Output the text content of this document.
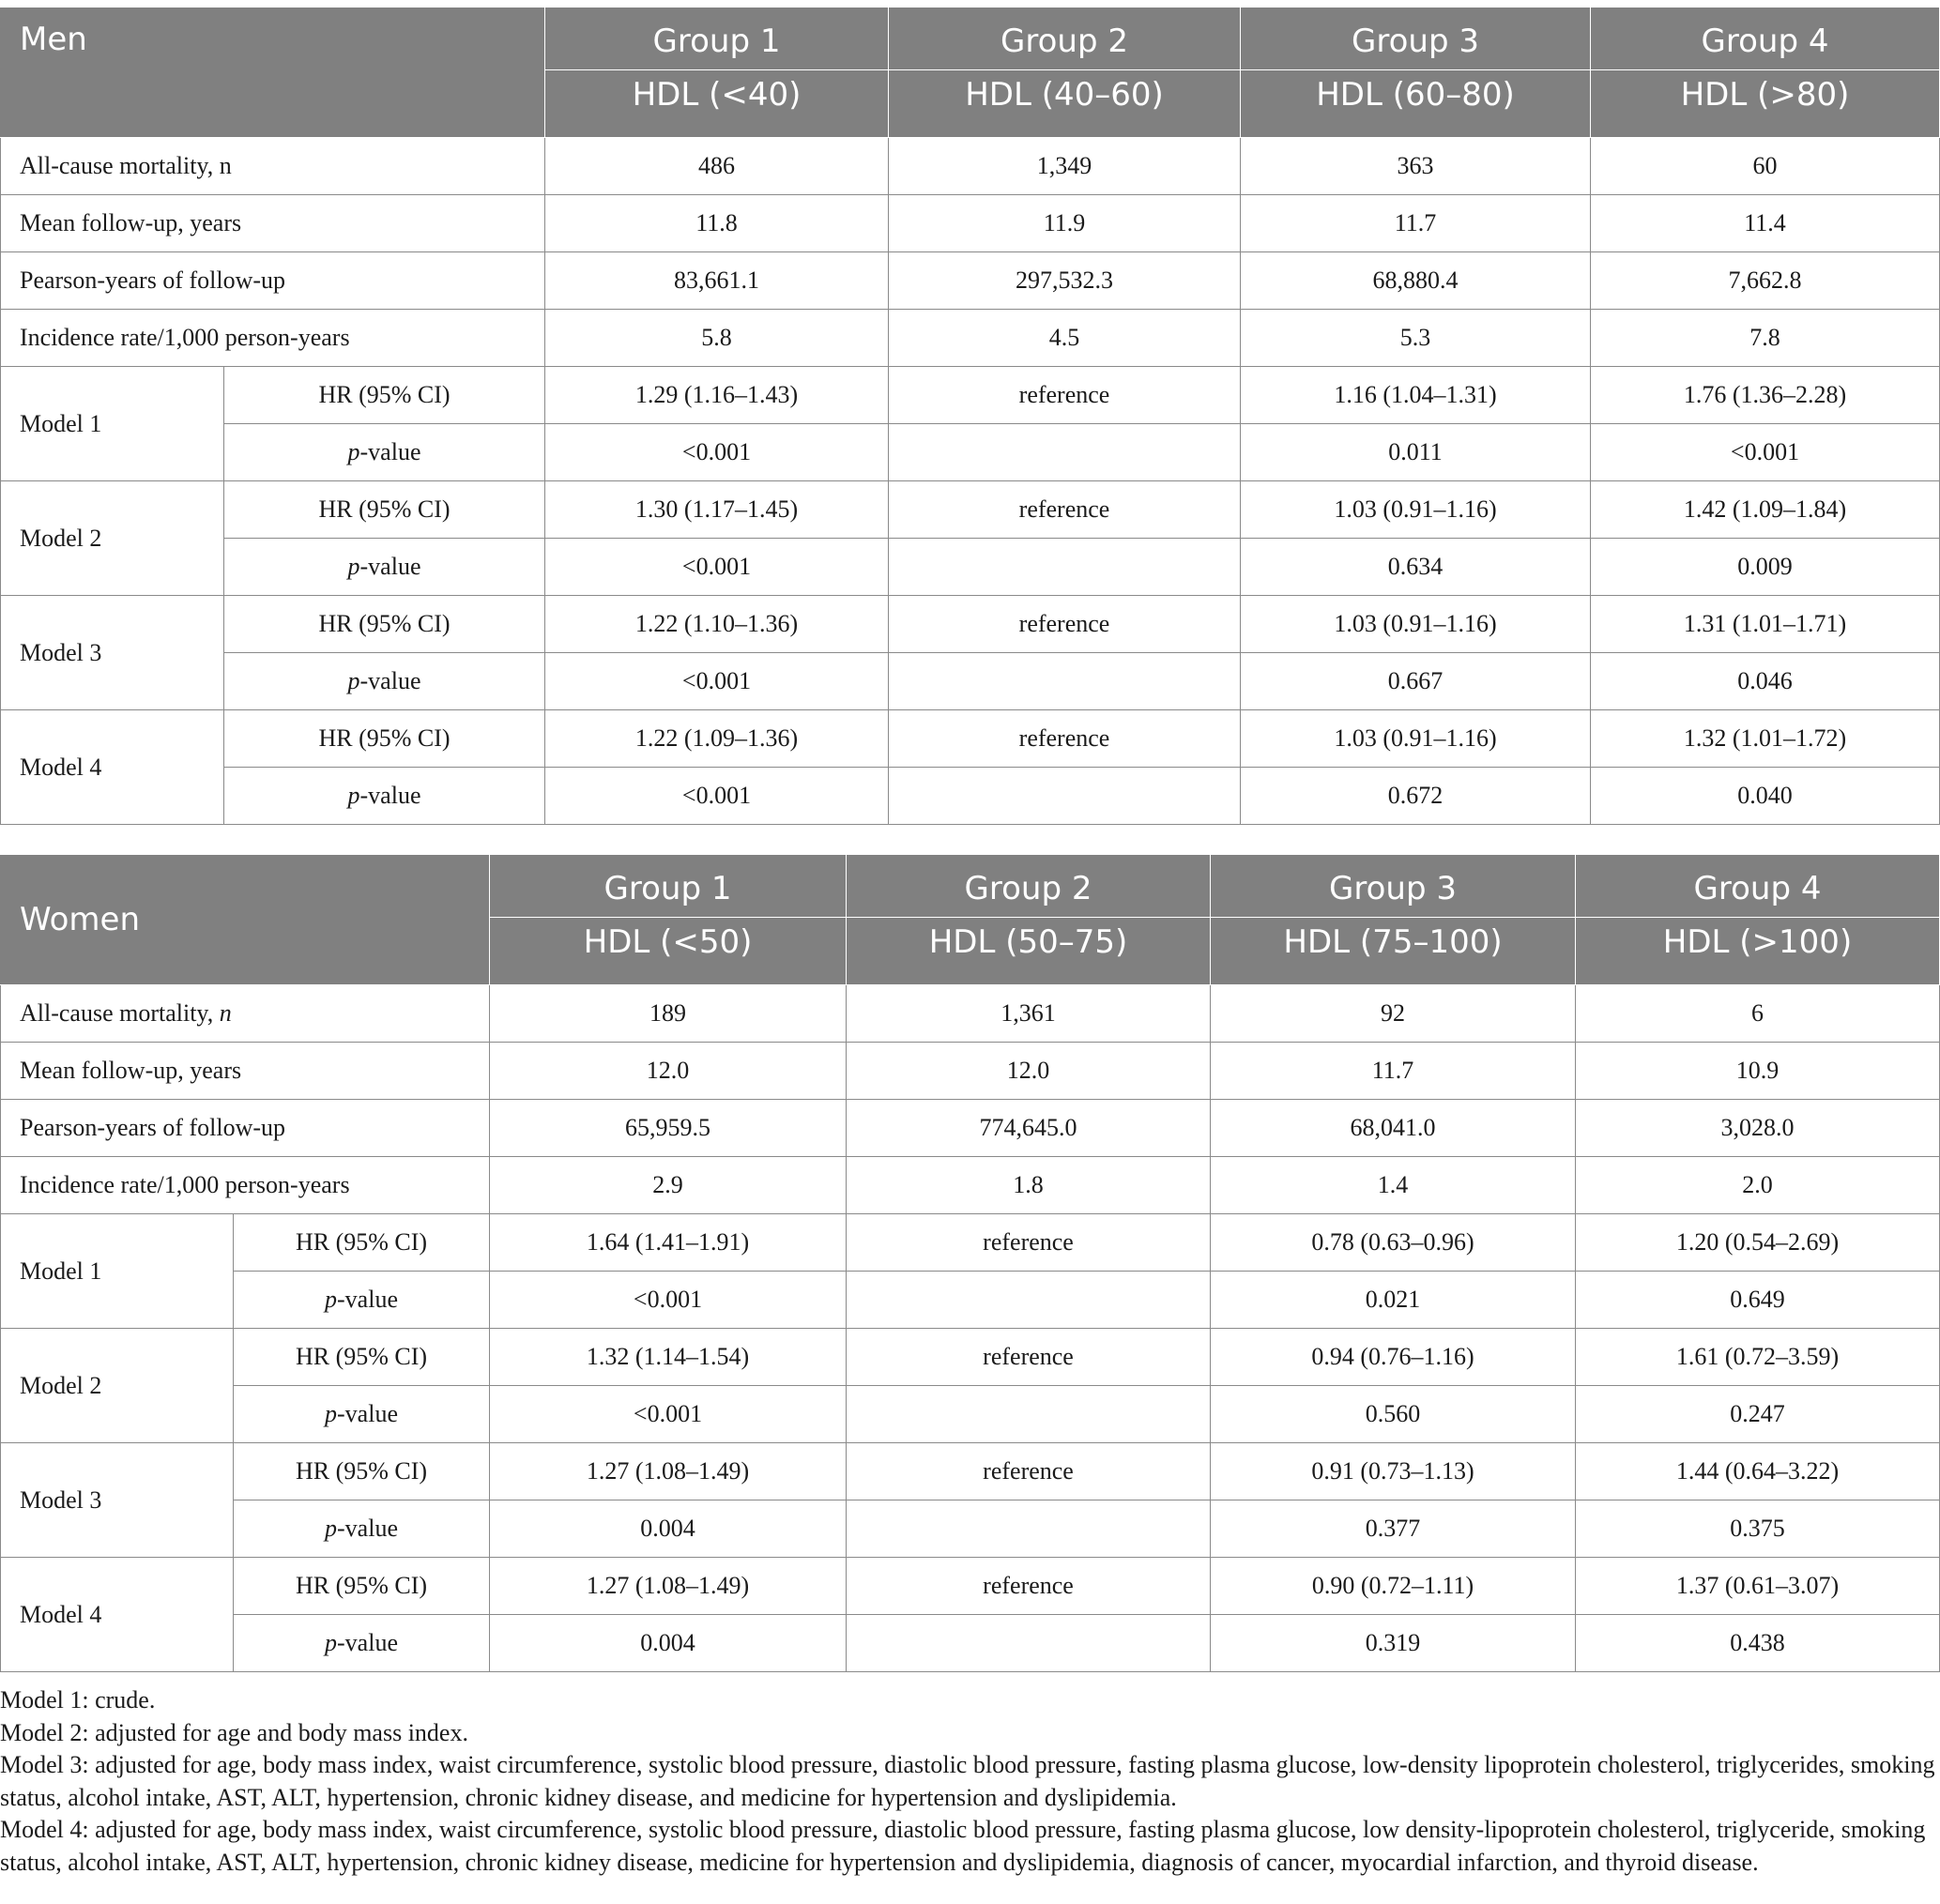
Men		Group 1	Group 2	Group 3	Group 4
		HDL (<40)	HDL (40–60)	HDL (60–80)	HDL (>80)
All-cause mortality, n		486	1,349	363	60
Mean follow-up, years		11.8	11.9	11.7	11.4
Pearson-years of follow-up		83,661.1	297,532.3	68,880.4	7,662.8
Incidence rate/1,000 person-years		5.8	4.5	5.3	7.8
Model 1	HR (95% CI)	1.29 (1.16–1.43)	reference	1.16 (1.04–1.31)	1.76 (1.36–2.28)
	p-value	<0.001		0.011	<0.001
Model 2	HR (95% CI)	1.30 (1.17–1.45)	reference	1.03 (0.91–1.16)	1.42 (1.09–1.84)
	p-value	<0.001		0.634	0.009
Model 3	HR (95% CI)	1.22 (1.10–1.36)	reference	1.03 (0.91–1.16)	1.31 (1.01–1.71)
	p-value	<0.001		0.667	0.046
Model 4	HR (95% CI)	1.22 (1.09–1.36)	reference	1.03 (0.91–1.16)	1.32 (1.01–1.72)
	p-value	<0.001		0.672	0.040
Women		Group 1	Group 2	Group 3	Group 4
		HDL (<50)	HDL (50–75)	HDL (75–100)	HDL (>100)
All-cause mortality, n		189	1,361	92	6
Mean follow-up, years		12.0	12.0	11.7	10.9
Pearson-years of follow-up		65,959.5	774,645.0	68,041.0	3,028.0
Incidence rate/1,000 person-years		2.9	1.8	1.4	2.0
Model 1	HR (95% CI)	1.64 (1.41–1.91)	reference	0.78 (0.63–0.96)	1.20 (0.54–2.69)
	p-value	<0.001		0.021	0.649
Model 2	HR (95% CI)	1.32 (1.14–1.54)	reference	0.94 (0.76–1.16)	1.61 (0.72–3.59)
	p-value	<0.001		0.560	0.247
Model 3	HR (95% CI)	1.27 (1.08–1.49)	reference	0.91 (0.73–1.13)	1.44 (0.64–3.22)
	p-value	0.004		0.377	0.375
Model 4	HR (95% CI)	1.27 (1.08–1.49)	reference	0.90 (0.72–1.11)	1.37 (0.61–3.07)
	p-value	0.004		0.319	0.438

Model 1: crude.

Model 2: adjusted for age and body mass index.

Model 3: adjusted for age, body mass index, waist circumference, systolic blood pressure, diastolic blood pressure, fasting plasma glucose, low-density lipoprotein cholesterol, triglycerides, smoking status, alcohol intake, AST, ALT, hypertension, chronic kidney disease, and medicine for hypertension and dyslipidemia.

Model 4: adjusted for age, body mass index, waist circumference, systolic blood pressure, diastolic blood pressure, fasting plasma glucose, low density-lipoprotein cholesterol, triglyceride, smoking status, alcohol intake, AST, ALT, hypertension, chronic kidney disease, medicine for hypertension and dyslipidemia, diagnosis of cancer, myocardial infarction, and thyroid disease.
